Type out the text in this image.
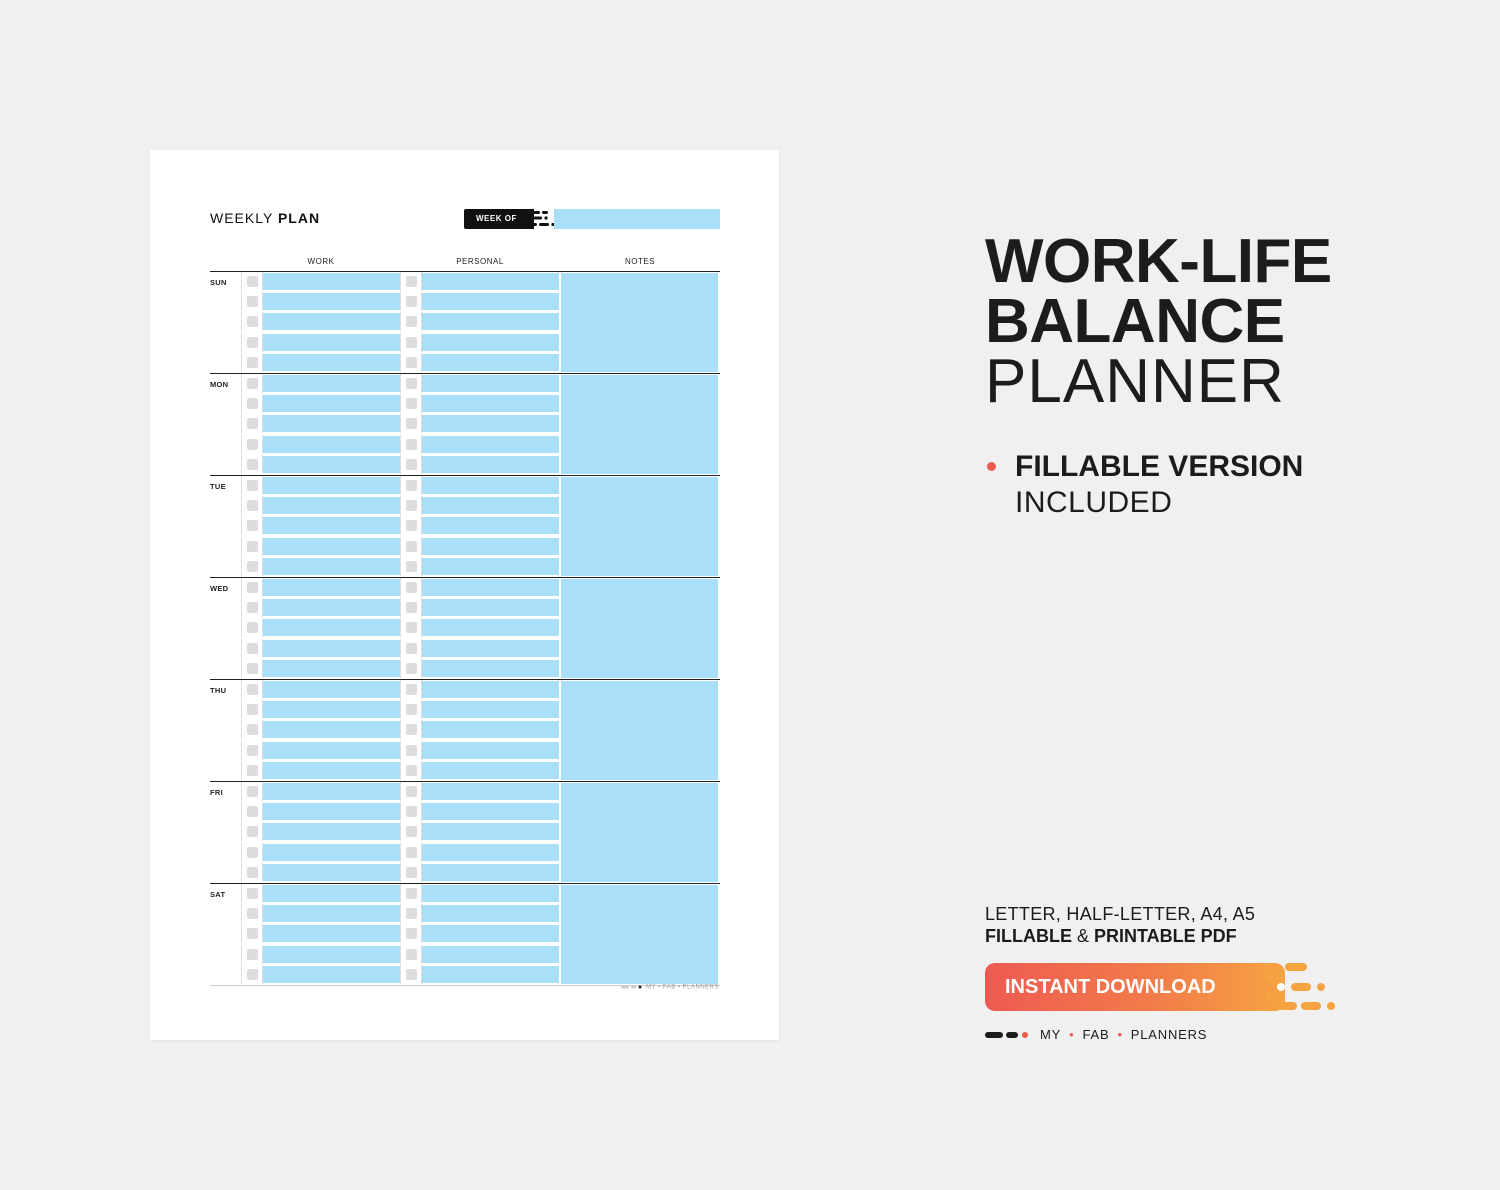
WEEKLY PLAN	WEEK OF
WORK	PERSONAL	NOTES
SUN
MON
TUE
WED
THU
FRI
SAT
MY • FAB • PLANNERS
WORK-LIFE
BALANCE
PLANNER
FILLABLE VERSION
INCLUDED
LETTER, HALF-LETTER, A4, A5
FILLABLE & PRINTABLE PDF
INSTANT DOWNLOAD
MY • FAB • PLANNERS
